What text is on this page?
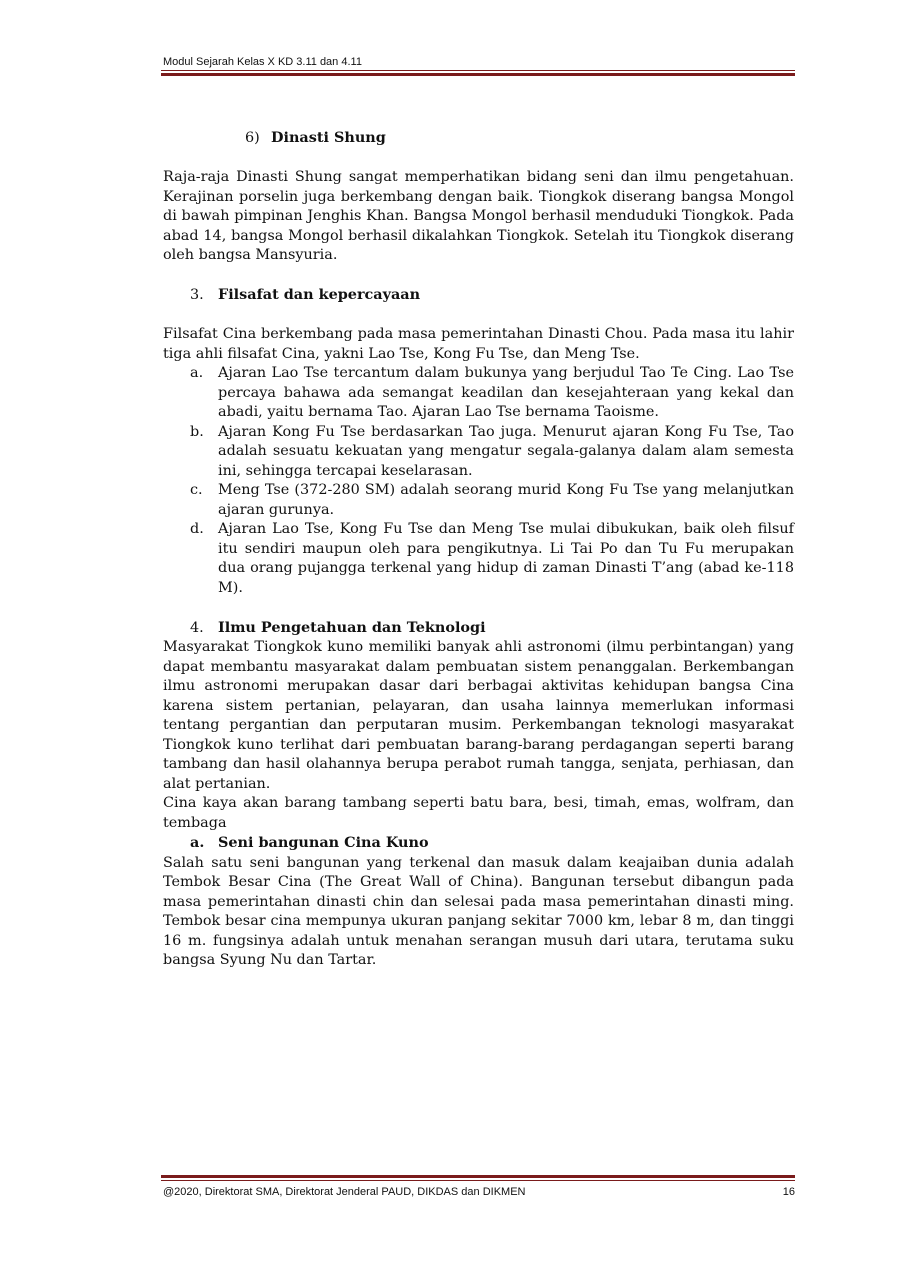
Modul Sejarah Kelas X KD 3.11 dan 4.11

6) Dinasti Shung

Raja-raja Dinasti Shung sangat memperhatikan bidang seni dan ilmu pengetahuan. Kerajinan porselin juga berkembang dengan baik. Tiongkok diserang bangsa Mongol di bawah pimpinan Jenghis Khan. Bangsa Mongol berhasil menduduki Tiongkok. Pada abad 14, bangsa Mongol berhasil dikalahkan Tiongkok. Setelah itu Tiongkok diserang oleh bangsa Mansyuria.

3. Filsafat dan kepercayaan

Filsafat Cina berkembang pada masa pemerintahan Dinasti Chou. Pada masa itu lahir tiga ahli filsafat Cina, yakni Lao Tse, Kong Fu Tse, dan Meng Tse.

a. Ajaran Lao Tse tercantum dalam bukunya yang berjudul Tao Te Cing. Lao Tse percaya bahawa ada semangat keadilan dan kesejahteraan yang kekal dan abadi, yaitu bernama Tao. Ajaran Lao Tse bernama Taoisme.
b. Ajaran Kong Fu Tse berdasarkan Tao juga. Menurut ajaran Kong Fu Tse, Tao adalah sesuatu kekuatan yang mengatur segala-galanya dalam alam semesta ini, sehingga tercapai keselarasan.
c. Meng Tse (372-280 SM) adalah seorang murid Kong Fu Tse yang melanjutkan ajaran gurunya.
d. Ajaran Lao Tse, Kong Fu Tse dan Meng Tse mulai dibukukan, baik oleh filsuf itu sendiri maupun oleh para pengikutnya. Li Tai Po dan Tu Fu merupakan dua orang pujangga terkenal yang hidup di zaman Dinasti T’ang (abad ke-118 M).

4. Ilmu Pengetahuan dan Teknologi

Masyarakat Tiongkok kuno memiliki banyak ahli astronomi (ilmu perbintangan) yang dapat membantu masyarakat dalam pembuatan sistem penanggalan. Berkembangan ilmu astronomi merupakan dasar dari berbagai aktivitas kehidupan bangsa Cina karena sistem pertanian, pelayaran, dan usaha lainnya memerlukan informasi tentang pergantian dan perputaran musim. Perkembangan teknologi masyarakat Tiongkok kuno terlihat dari pembuatan barang-barang perdagangan seperti barang tambang dan hasil olahannya berupa perabot rumah tangga, senjata, perhiasan, dan alat pertanian.

Cina kaya akan barang tambang seperti batu bara, besi, timah, emas, wolfram, dan tembaga

a. Seni bangunan Cina Kuno

Salah satu seni bangunan yang terkenal dan masuk dalam keajaiban dunia adalah Tembok Besar Cina (The Great Wall of China). Bangunan tersebut dibangun pada masa pemerintahan dinasti chin dan selesai pada masa pemerintahan dinasti ming. Tembok besar cina mempunya ukuran panjang sekitar 7000 km, lebar 8 m, dan tinggi 16 m. fungsinya adalah untuk menahan serangan musuh dari utara, terutama suku bangsa Syung Nu dan Tartar.

@2020, Direktorat SMA, Direktorat Jenderal PAUD, DIKDAS dan DIKMEN	16
